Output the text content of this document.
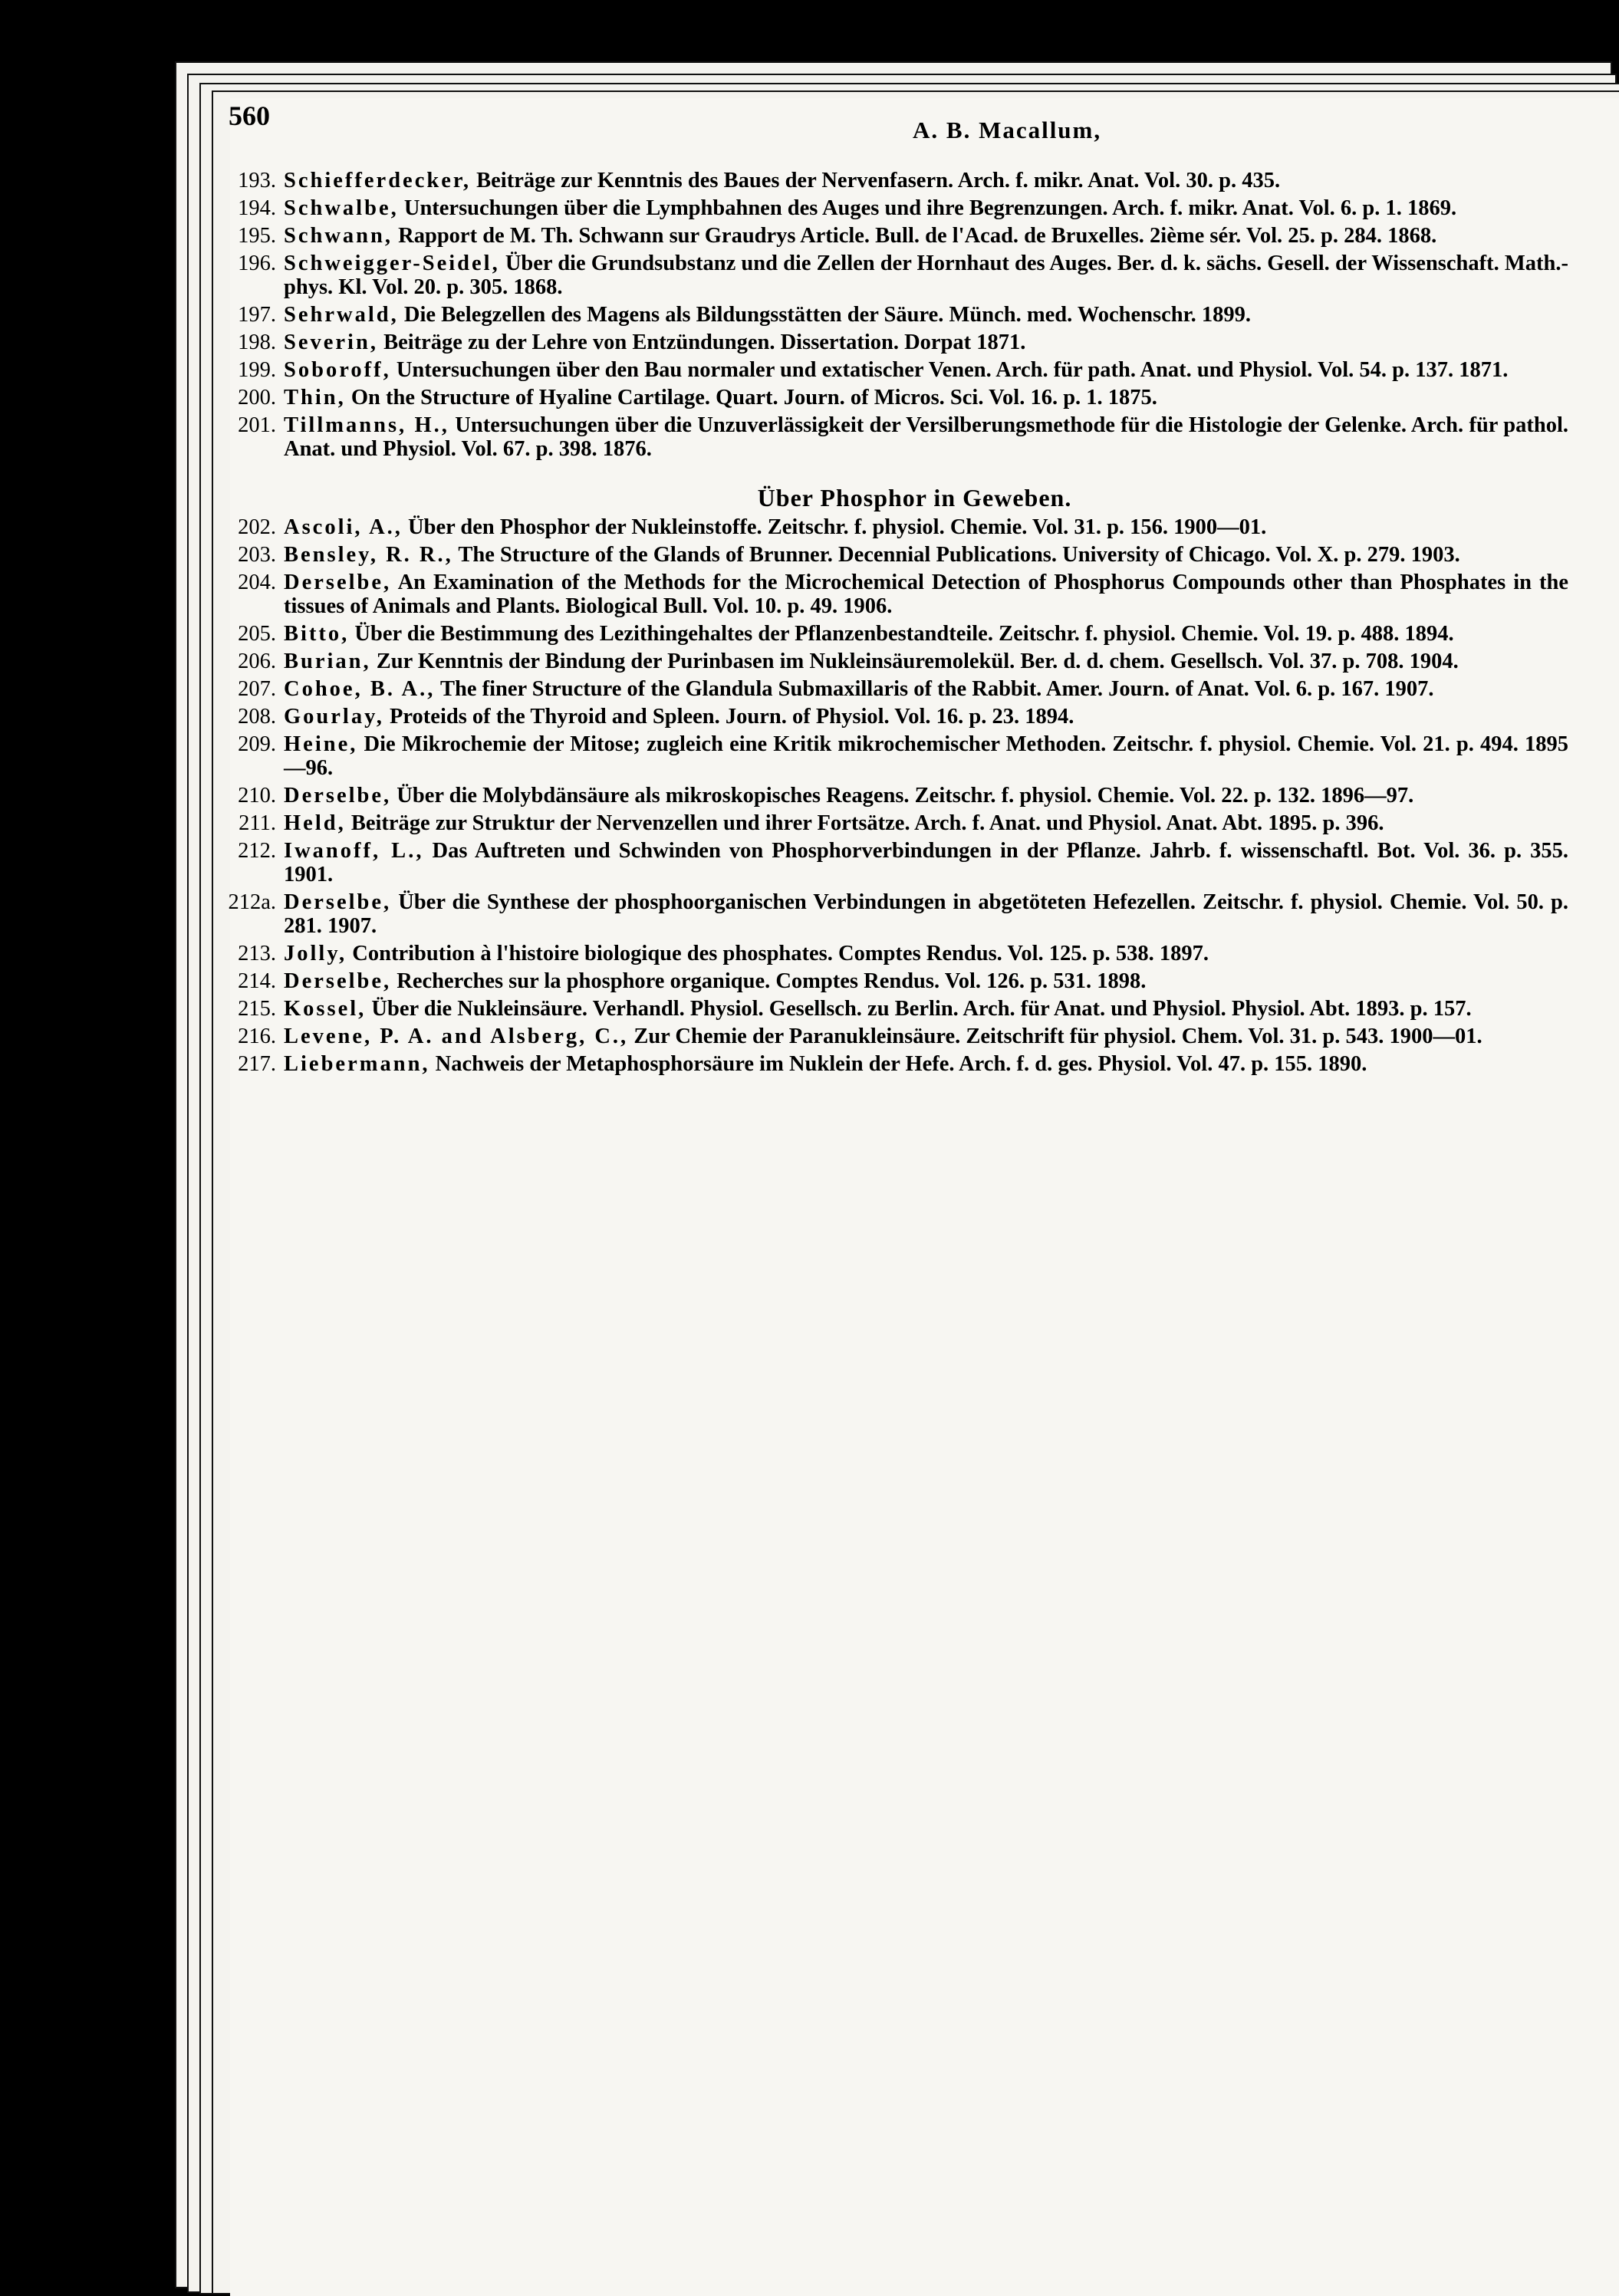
560	A. B. Macallum,
193. Schiefferdecker, Beiträge zur Kenntnis des Baues der Nervenfasern. Arch. f. mikr. Anat. Vol. 30. p. 435.
194. Schwalbe, Untersuchungen über die Lymphbahnen des Auges und ihre Begrenzungen. Arch. f. mikr. Anat. Vol. 6. p. 1. 1869.
195. Schwann, Rapport de M. Th. Schwann sur Graudrys Article. Bull. de l'Acad. de Bruxelles. 2ième sér. Vol. 25. p. 284. 1868.
196. Schweigger-Seidel, Über die Grundsubstanz und die Zellen der Hornhaut des Auges. Ber. d. k. sächs. Gesell. der Wissenschaft. Math.-phys. Kl. Vol. 20. p. 305. 1868.
197. Sehrwald, Die Belegzellen des Magens als Bildungsstätten der Säure. Münch. med. Wochenschr. 1899.
198. Severin, Beiträge zu der Lehre von Entzündungen. Dissertation. Dorpat 1871.
199. Soboroff, Untersuchungen über den Bau normaler und extatischer Venen. Arch. für path. Anat. und Physiol. Vol. 54. p. 137. 1871.
200. Thin, On the Structure of Hyaline Cartilage. Quart. Journ. of Micros. Sci. Vol. 16. p. 1. 1875.
201. Tillmanns, H., Untersuchungen über die Unzuverlässigkeit der Versilberungsmethode für die Histologie der Gelenke. Arch. für pathol. Anat. und Physiol. Vol. 67. p. 398. 1876.
Über Phosphor in Geweben.
202. Ascoli, A., Über den Phosphor der Nukleinstoffe. Zeitschr. f. physiol. Chemie. Vol. 31. p. 156. 1900—01.
203. Bensley, R. R., The Structure of the Glands of Brunner. Decennial Publications. University of Chicago. Vol. X. p. 279. 1903.
204. Derselbe, An Examination of the Methods for the Microchemical Detection of Phosphorus Compounds other than Phosphates in the tissues of Animals and Plants. Biological Bull. Vol. 10. p. 49. 1906.
205. Bitto, Über die Bestimmung des Lezithingehaltes der Pflanzenbestandteile. Zeitschr. f. physiol. Chemie. Vol. 19. p. 488. 1894.
206. Burian, Zur Kenntnis der Bindung der Purinbasen im Nukleinsäuremolekül. Ber. d. d. chem. Gesellsch. Vol. 37. p. 708. 1904.
207. Cohoe, B. A., The finer Structure of the Glandula Submaxillaris of the Rabbit. Amer. Journ. of Anat. Vol. 6. p. 167. 1907.
208. Gourlay, Proteids of the Thyroid and Spleen. Journ. of Physiol. Vol. 16. p. 23. 1894.
209. Heine, Die Mikrochemie der Mitose; zugleich eine Kritik mikrochemischer Methoden. Zeitschr. f. physiol. Chemie. Vol. 21. p. 494. 1895—96.
210. Derselbe, Über die Molybdänsäure als mikroskopisches Reagens. Zeitschr. f. physiol. Chemie. Vol. 22. p. 132. 1896—97.
211. Held, Beiträge zur Struktur der Nervenzellen und ihrer Fortsätze. Arch. f. Anat. und Physiol. Anat. Abt. 1895. p. 396.
212. Iwanoff, L., Das Auftreten und Schwinden von Phosphorverbindungen in der Pflanze. Jahrb. f. wissenschaftl. Bot. Vol. 36. p. 355. 1901.
212a. Derselbe, Über die Synthese der phosphoorganischen Verbindungen in abgetöteten Hefezellen. Zeitschr. f. physiol. Chemie. Vol. 50. p. 281. 1907.
213. Jolly, Contribution à l'histoire biologique des phosphates. Comptes Rendus. Vol. 125. p. 538. 1897.
214. Derselbe, Recherches sur la phosphore organique. Comptes Rendus. Vol. 126. p. 531. 1898.
215. Kossel, Über die Nukleinsäure. Verhandl. Physiol. Gesellsch. zu Berlin. Arch. für Anat. und Physiol. Physiol. Abt. 1893. p. 157.
216. Levene, P. A. and Alsberg, C., Zur Chemie der Paranukleinsäure. Zeitschrift für physiol. Chem. Vol. 31. p. 543. 1900—01.
217. Liebermann, Nachweis der Metaphosphorsäure im Nuklein der Hefe. Arch. f. d. ges. Physiol. Vol. 47. p. 155. 1890.
